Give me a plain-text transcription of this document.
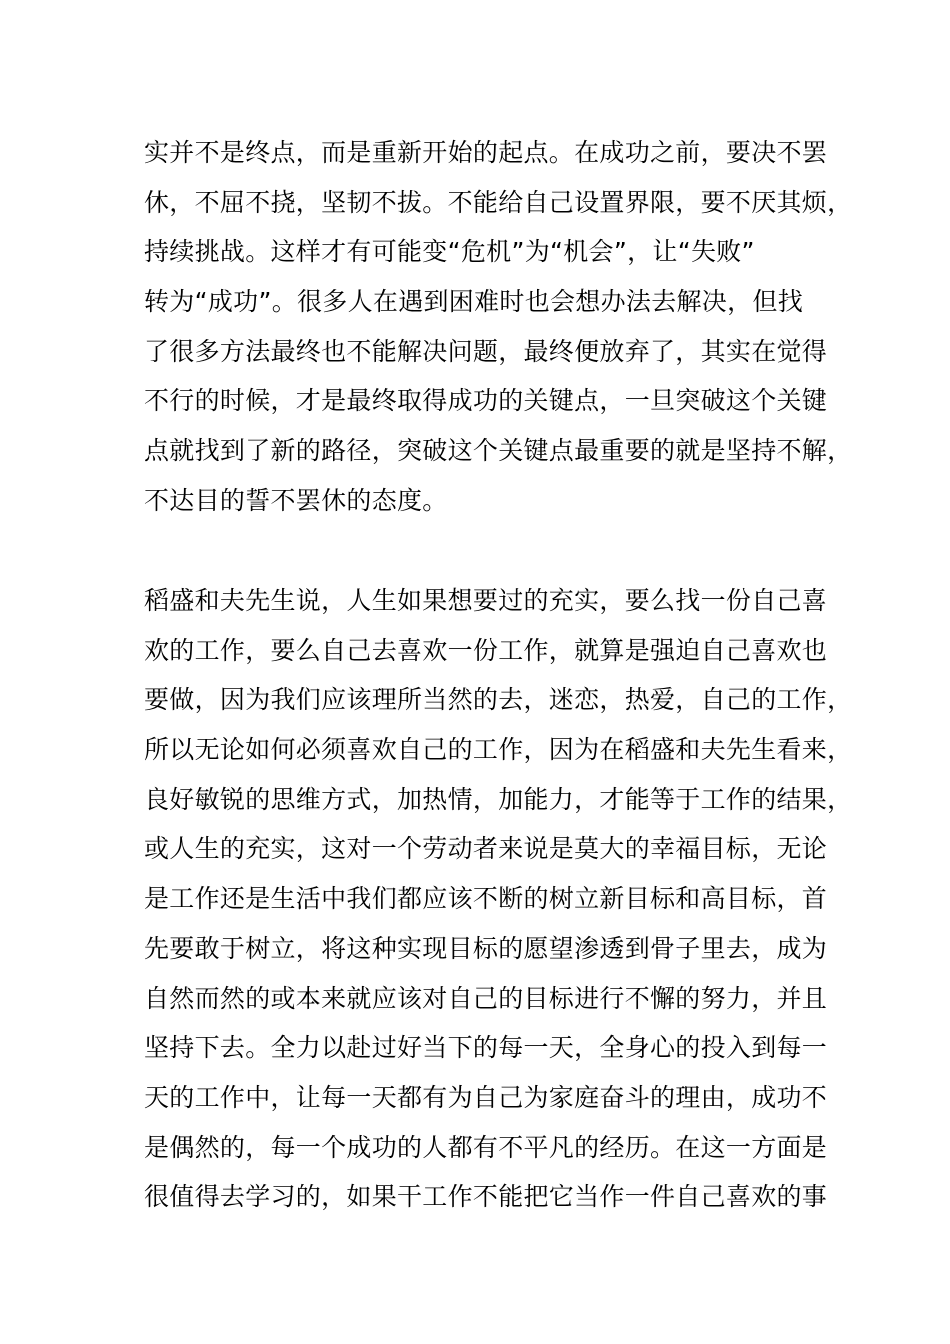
实并不是终点，而是重新开始的起点。在成功之前，要决不罢
休，不屈不挠，坚韧不拔。不能给自己设置界限，要不厌其烦，
持续挑战。这样才有可能变“危机”为“机会”，让“失败”
转为“成功”。很多人在遇到困难时也会想办法去解决，但找
了很多方法最终也不能解决问题，最终便放弃了，其实在觉得
不行的时候，才是最终取得成功的关键点，一旦突破这个关键
点就找到了新的路径，突破这个关键点最重要的就是坚持不解，
不达目的誓不罢休的态度。
稻盛和夫先生说，人生如果想要过的充实，要么找一份自己喜
欢的工作，要么自己去喜欢一份工作，就算是强迫自己喜欢也
要做，因为我们应该理所当然的去，迷恋，热爱，自己的工作，
所以无论如何必须喜欢自己的工作，因为在稻盛和夫先生看来，
良好敏锐的思维方式，加热情，加能力，才能等于工作的结果，
或人生的充实，这对一个劳动者来说是莫大的幸福目标，无论
是工作还是生活中我们都应该不断的树立新目标和高目标，首
先要敢于树立，将这种实现目标的愿望渗透到骨子里去，成为
自然而然的或本来就应该对自己的目标进行不懈的努力，并且
坚持下去。全力以赴过好当下的每一天，全身心的投入到每一
天的工作中，让每一天都有为自己为家庭奋斗的理由，成功不
是偶然的，每一个成功的人都有不平凡的经历。在这一方面是
很值得去学习的，如果干工作不能把它当作一件自己喜欢的事
